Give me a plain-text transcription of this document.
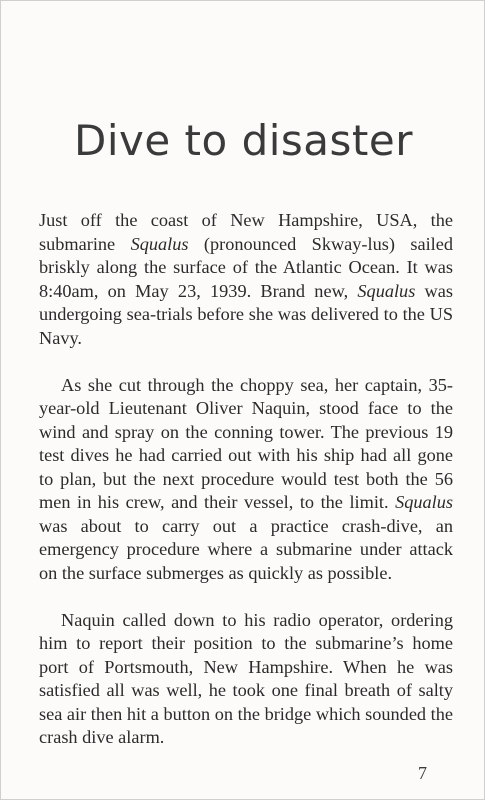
Dive to disaster

Just off the coast of New Hampshire, USA, the submarine Squalus (pronounced Skway-lus) sailed briskly along the surface of the Atlantic Ocean. It was 8:40am, on May 23, 1939. Brand new, Squalus was undergoing sea-trials before she was delivered to the US Navy.

As she cut through the choppy sea, her captain, 35-year-old Lieutenant Oliver Naquin, stood face to the wind and spray on the conning tower. The previous 19 test dives he had carried out with his ship had all gone to plan, but the next procedure would test both the 56 men in his crew, and their vessel, to the limit. Squalus was about to carry out a practice crash-dive, an emergency procedure where a submarine under attack on the surface submerges as quickly as possible.

Naquin called down to his radio operator, ordering him to report their position to the submarine’s home port of Portsmouth, New Hampshire. When he was satisfied all was well, he took one final breath of salty sea air then hit a button on the bridge which sounded the crash dive alarm.

7
